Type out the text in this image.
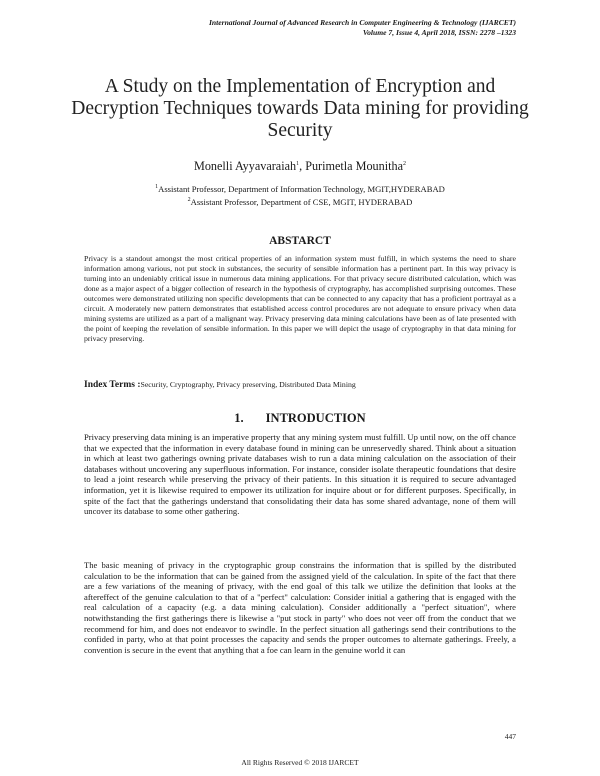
International Journal of Advanced Research in Computer Engineering & Technology (IJARCET)
Volume 7, Issue 4, April 2018, ISSN: 2278 –1323
A Study on the Implementation of Encryption and Decryption Techniques towards Data mining for providing Security
Monelli Ayyavaraiah$^1$, Purimetla Mounitha$^2$
$^1$Assistant Professor, Department of Information Technology, MGIT,HYDERABAD
$^2$Assistant Professor, Department of CSE, MGIT, HYDERABAD
ABSTARCT

Privacy is a standout amongst the most critical properties of an information system must fulfill, in which systems the need to share information among various, not put stock in substances, the security of sensible information has a pertinent part. In this way privacy is turning into an undeniably critical issue in numerous data mining applications. For that privacy secure distributed calculation, which was done as a major aspect of a bigger collection of research in the hypothesis of cryptography, has accomplished surprising outcomes. These outcomes were demonstrated utilizing non specific developments that can be connected to any capacity that has a proficient portrayal as a circuit. A moderately new pattern demonstrates that established access control procedures are not adequate to ensure privacy when data mining systems are utilized as a part of a malignant way. Privacy preserving data mining calculations have been as of late presented with the point of keeping the revelation of sensible information. In this paper we will depict the usage of cryptography in that data mining for privacy preserving.

Index Terms :Security, Cryptography, Privacy preserving, Distributed Data Mining

1. INTRODUCTION

Privacy preserving data mining is an imperative property that any mining system must fulfill. Up until now, on the off chance that we expected that the information in every database found in mining can be unreservedly shared. Think about a situation in which at least two gatherings owning private databases wish to run a data mining calculation on the association of their databases without uncovering any superfluous information. For instance, consider isolate therapeutic foundations that desire to lead a joint research while preserving the privacy of their patients. In this situation it is required to secure advantaged information, yet it is likewise required to empower its utilization for inquire about or for different purposes. Specifically, in spite of the fact that the gatherings understand that consolidating their data has some shared advantage, none of them will uncover its database to some other gathering.

The basic meaning of privacy in the cryptographic group constrains the information that is spilled by the distributed calculation to be the information that can be gained from the assigned yield of the calculation. In spite of the fact that there are a few variations of the meaning of privacy, with the end goal of this talk we utilize the definition that looks at the aftereffect of the genuine calculation to that of a "perfect" calculation: Consider initial a gathering that is engaged with the real calculation of a capacity (e.g. a data mining calculation). Consider additionally a "perfect situation", where notwithstanding the first gatherings there is likewise a "put stock in party" who does not veer off from the conduct that we recommend for him, and does not endeavor to swindle. In the perfect situation all gatherings send their contributions to the confided in party, who at that point processes the capacity and sends the proper outcomes to alternate gatherings. Freely, a convention is secure in the event that anything that a foe can learn in the genuine world it can

All Rights Reserved © 2018 IJARCET
447
